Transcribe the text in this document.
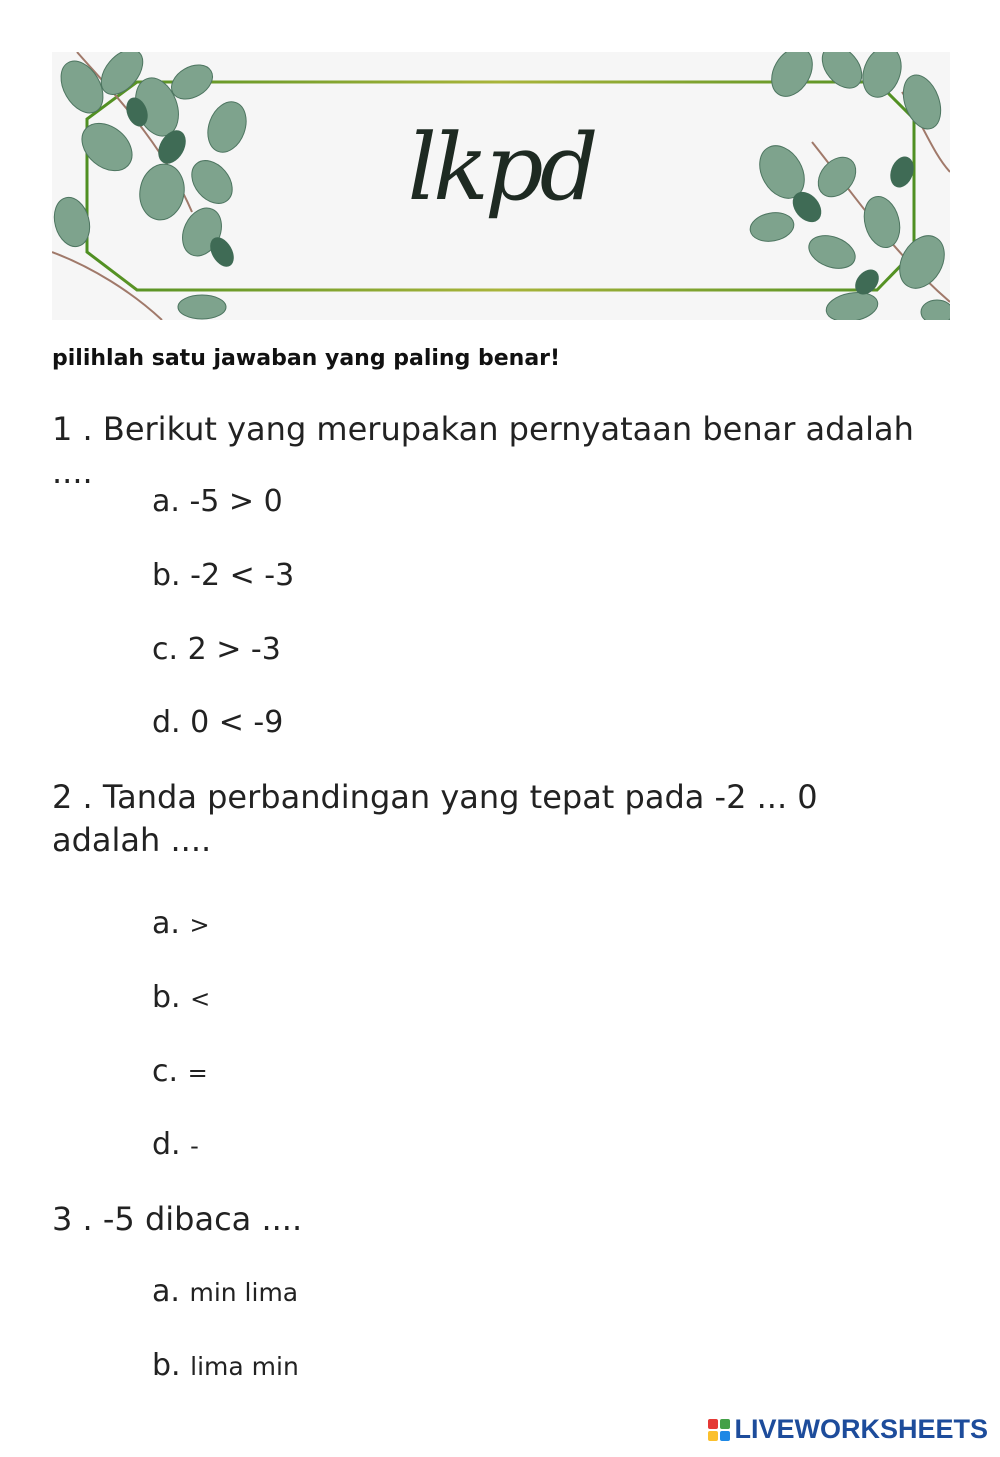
lkpd
pilihlah satu jawaban yang paling benar!
1 . Berikut yang merupakan pernyataan benar adalah ....
a. -5 > 0
b. -2 < -3
c. 2 > -3
d. 0 < -9
2 . Tanda perbandingan yang tepat pada -2 ... 0 adalah ....
a. >
b. <
c. =
d. -
3 . -5 dibaca ....
a. min lima
b. lima min
LIVEWORKSHEETS
